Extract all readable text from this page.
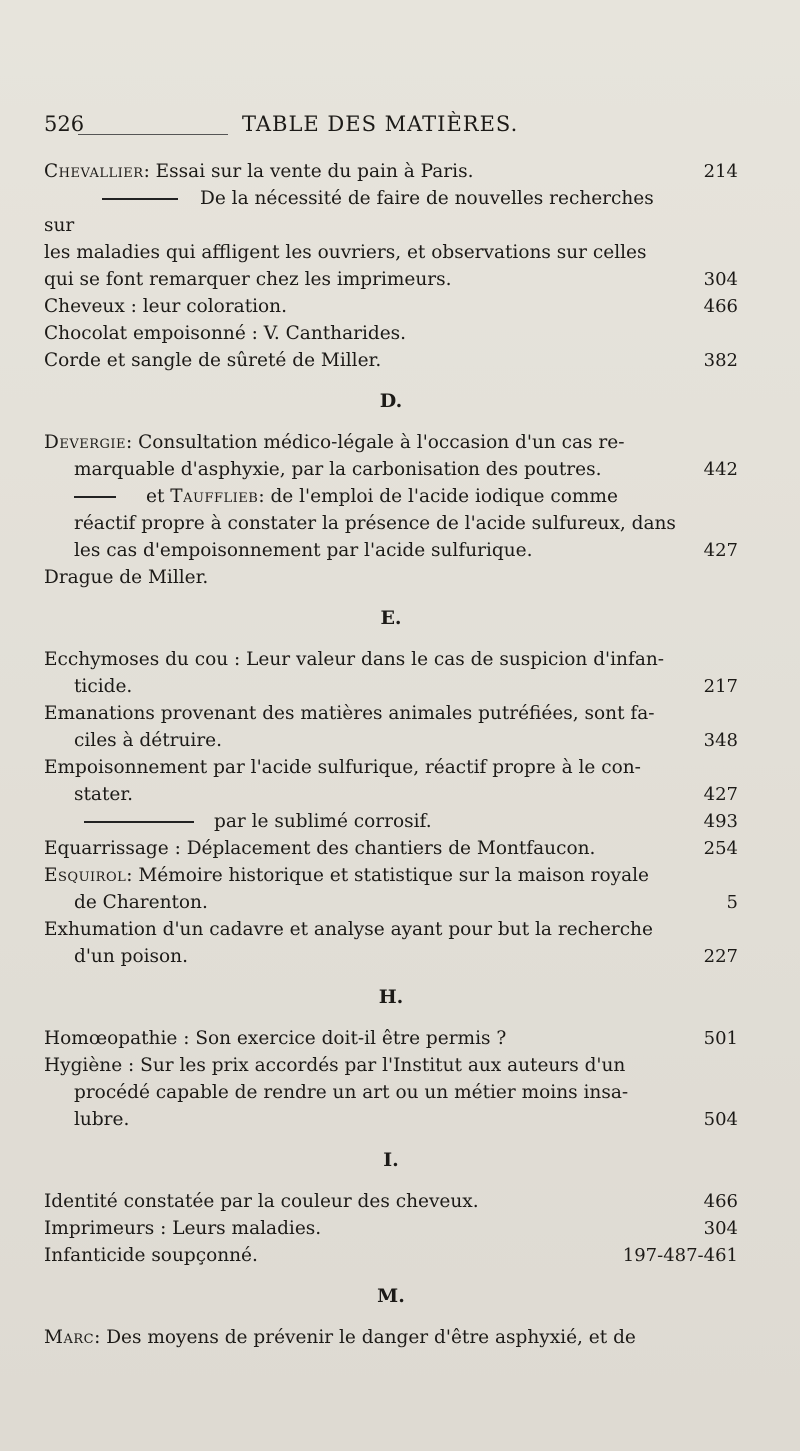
526	TABLE DES MATIÈRES.
Chevallier: Essai sur la vente du pain à Paris.	214
De la nécessité de faire de nouvelles recherches sur
les maladies qui affligent les ouvriers, et observations sur celles
qui se font remarquer chez les imprimeurs.	304
Cheveux : leur coloration.	466
Chocolat empoisonné : V. Cantharides.
Corde et sangle de sûreté de Miller.	382
D.
Devergie: Consultation médico-légale à l'occasion d'un cas re-
marquable d'asphyxie, par la carbonisation des poutres.	442
et Taufflieb: de l'emploi de l'acide iodique comme
réactif propre à constater la présence de l'acide sulfureux, dans
les cas d'empoisonnement par l'acide sulfurique.	427
Drague de Miller.
E.
Ecchymoses du cou : Leur valeur dans le cas de suspicion d'infan-
ticide.	217
Emanations provenant des matières animales putréfiées, sont fa-
ciles à détruire.	348
Empoisonnement par l'acide sulfurique, réactif propre à le con-
stater.	427
par le sublimé corrosif.	493
Equarrissage : Déplacement des chantiers de Montfaucon.	254
Esquirol: Mémoire historique et statistique sur la maison royale
de Charenton.	5
Exhumation d'un cadavre et analyse ayant pour but la recherche
d'un poison.	227
H.
Homœopathie : Son exercice doit-il être permis ?	501
Hygiène : Sur les prix accordés par l'Institut aux auteurs d'un
procédé capable de rendre un art ou un métier moins insa-
lubre.	504
I.
Identité constatée par la couleur des cheveux.	466
Imprimeurs : Leurs maladies.	304
Infanticide soupçonné.	197-487-461
M.
Marc: Des moyens de prévenir le danger d'être asphyxié, et de
